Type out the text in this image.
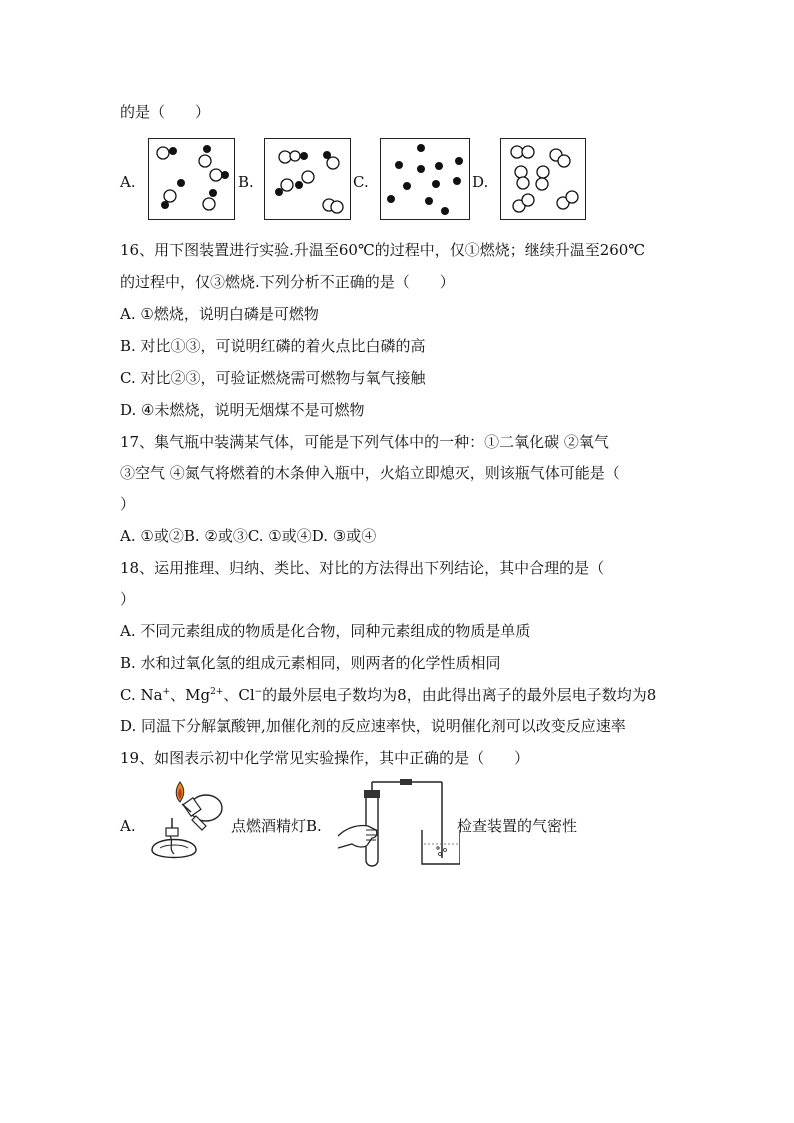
的是（　　）
A.	B.	C.	D.
16、用下图装置进行实验.升温至60℃的过程中，仅①燃烧；继续升温至260℃
的过程中，仅③燃烧.下列分析不正确的是（　　）
A. ①燃烧，说明白磷是可燃物
B. 对比①③，可说明红磷的着火点比白磷的高
C. 对比②③，可验证燃烧需可燃物与氧气接触
D. ④未燃烧，说明无烟煤不是可燃物
17、集气瓶中装满某气体，可能是下列气体中的一种：①二氧化碳 ②氧气
③空气 ④氮气将燃着的木条伸入瓶中，火焰立即熄灭，则该瓶气体可能是（
）
A. ①或②B. ②或③C. ①或④D. ③或④
18、运用推理、归纳、类比、对比的方法得出下列结论，其中合理的是（
）
A. 不同元素组成的物质是化合物，同种元素组成的物质是单质
B. 水和过氧化氢的组成元素相同，则两者的化学性质相同
C. Na+、$Mg^{2+}$、Cl−的最外层电子数均为8，由此得出离子的最外层电子数均为8
D. 同温下分解氯酸钾,加催化剂的反应速率快，说明催化剂可以改变反应速率
19、如图表示初中化学常见实验操作，其中正确的是（　　）
A.	点燃酒精灯B.	检查装置的气密性
